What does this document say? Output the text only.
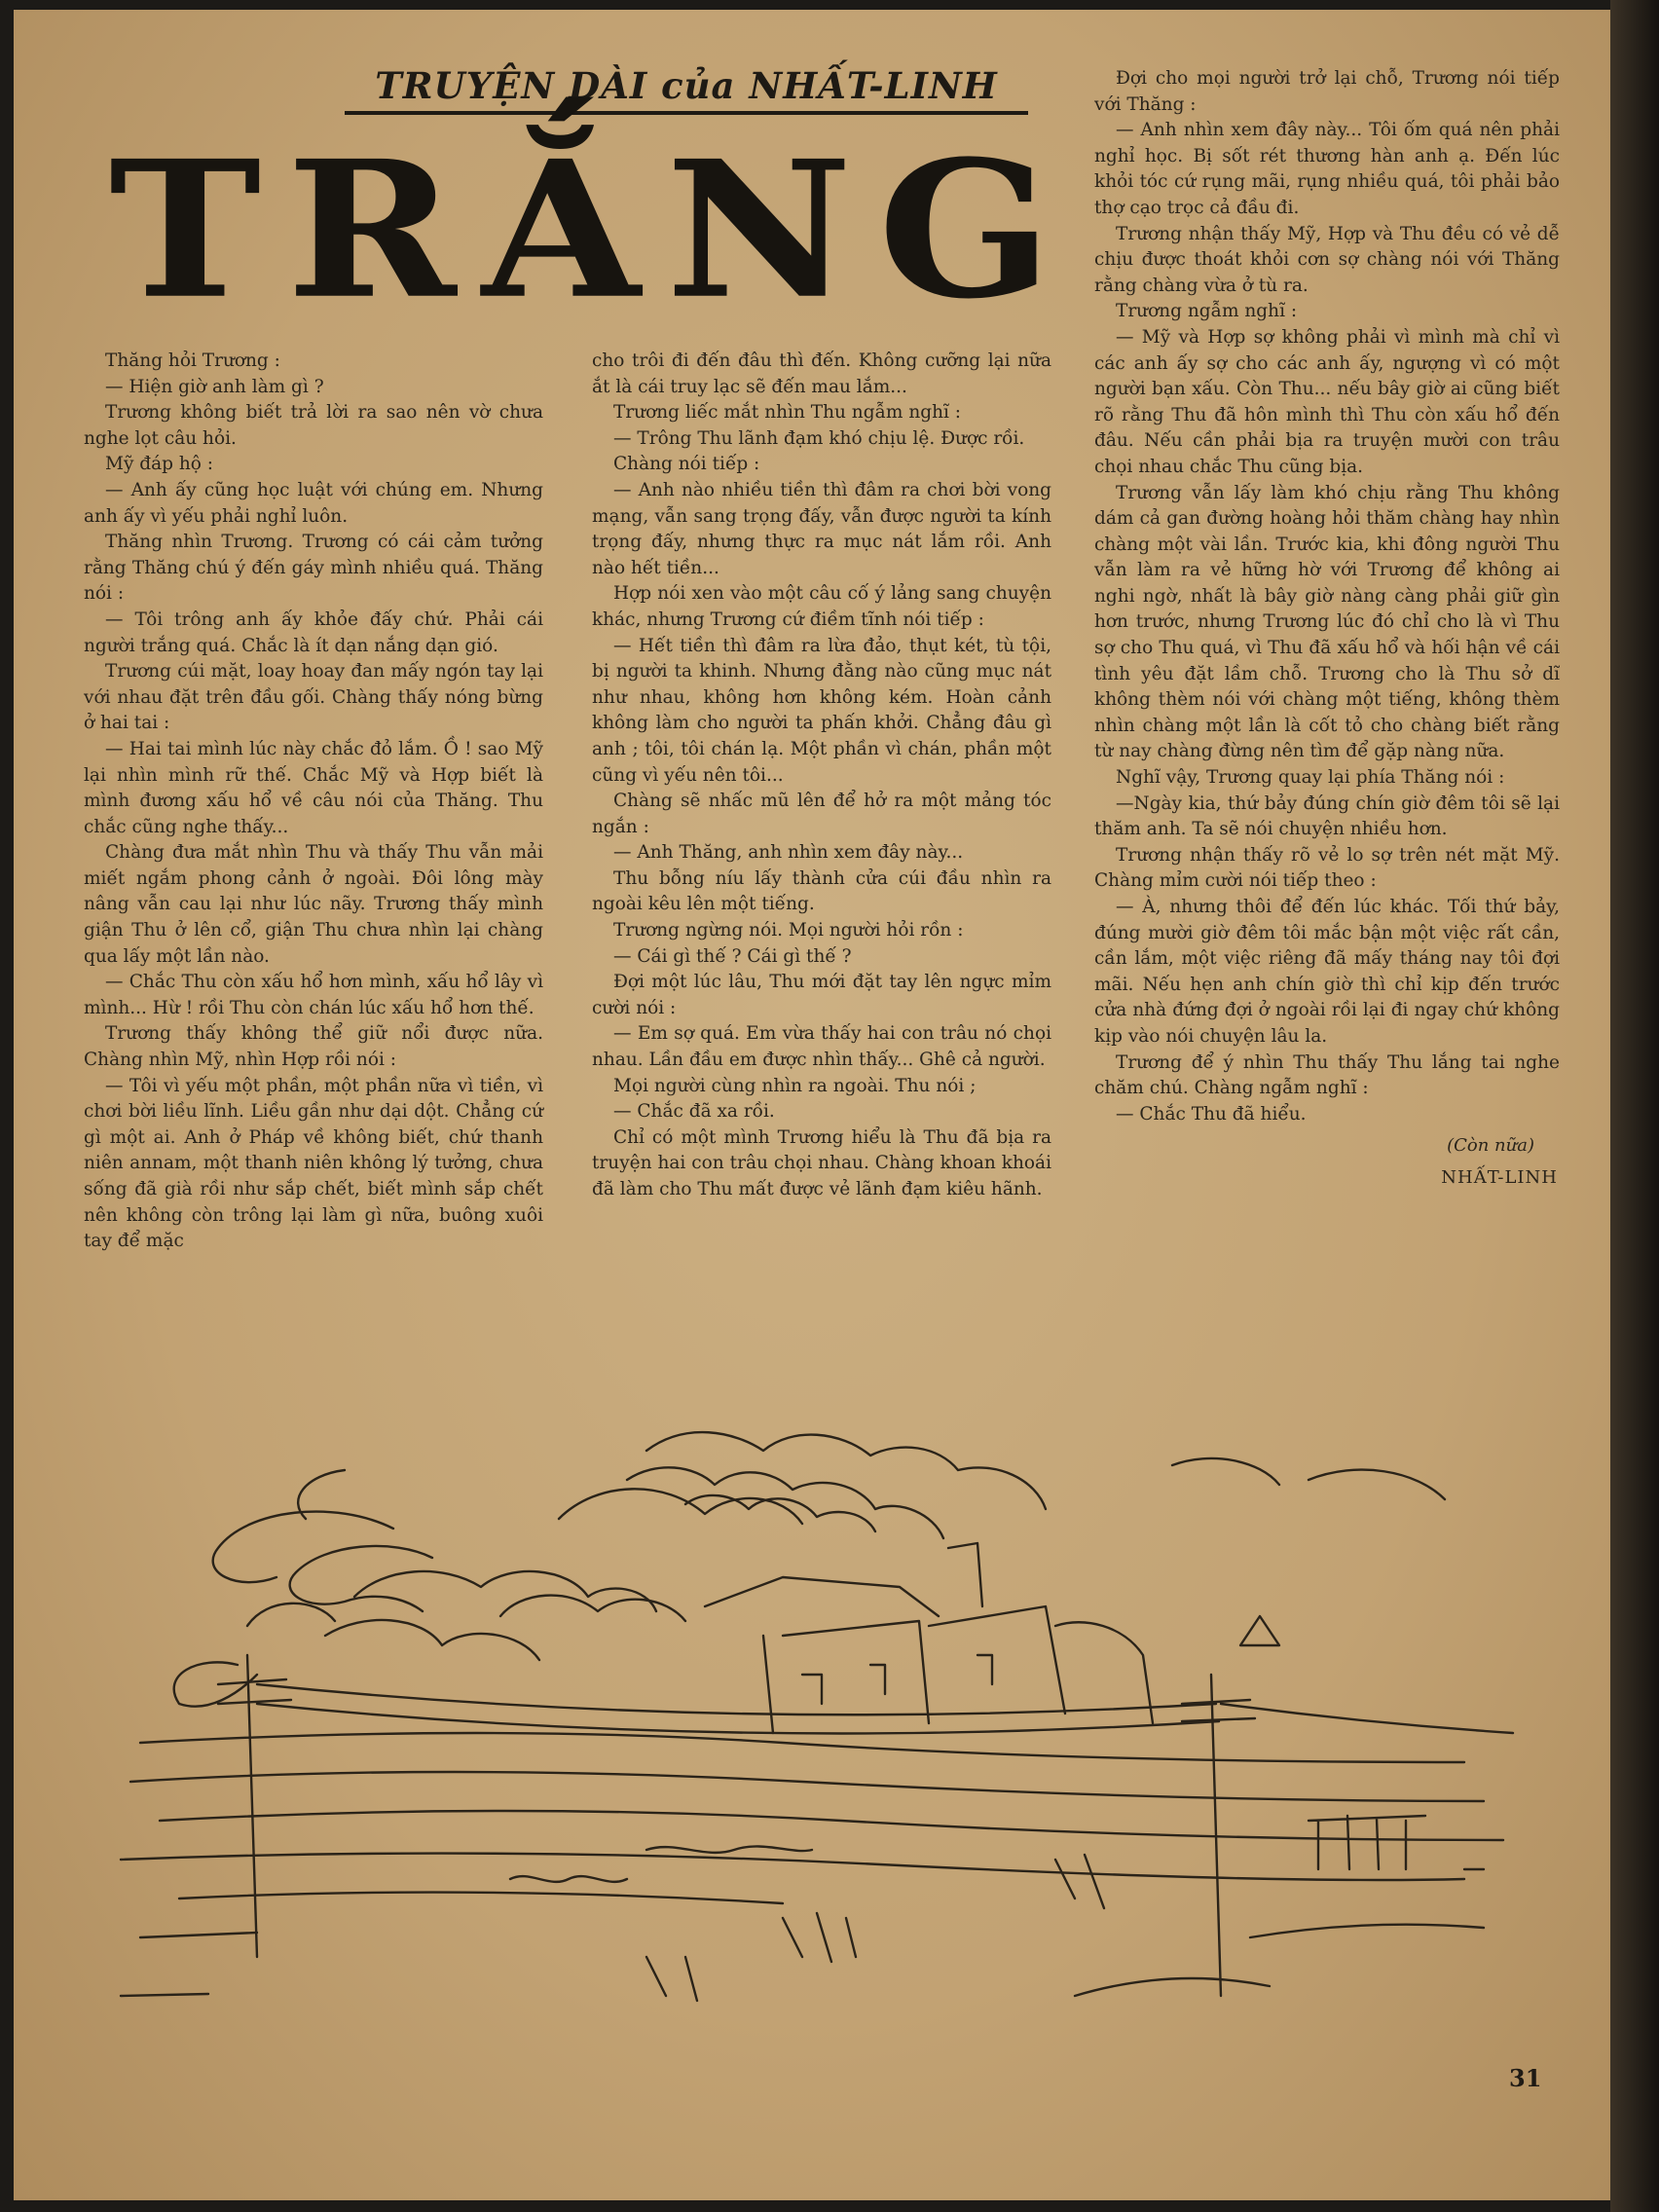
TRUYỆN DÀI của NHẤT-LINH
TRẮNG

Thăng hỏi Trương :

— Hiện giờ anh làm gì ?

Trương không biết trả lời ra sao nên vờ chưa nghe lọt câu hỏi.

Mỹ đáp hộ :

— Anh ấy cũng học luật với chúng em. Nhưng anh ấy vì yếu phải nghỉ luôn.

Thăng nhìn Trương. Trương có cái cảm tưởng rằng Thăng chú ý đến gáy mình nhiều quá. Thăng nói :

— Tôi trông anh ấy khỏe đấy chứ. Phải cái người trắng quá. Chắc là ít dạn nắng dạn gió.

Trương cúi mặt, loay hoay đan mấy ngón tay lại với nhau đặt trên đầu gối. Chàng thấy nóng bừng ở hai tai :

— Hai tai mình lúc này chắc đỏ lắm. Ồ ! sao Mỹ lại nhìn mình rữ thế. Chắc Mỹ và Hợp biết là mình đương xấu hổ về câu nói của Thăng. Thu chắc cũng nghe thấy...

Chàng đưa mắt nhìn Thu và thấy Thu vẫn mải miết ngắm phong cảnh ở ngoài. Đôi lông mày nâng vẫn cau lại như lúc nãy. Trương thấy mình giận Thu ở lên cổ, giận Thu chưa nhìn lại chàng qua lấy một lần nào.

— Chắc Thu còn xấu hổ hơn mình, xấu hổ lây vì mình... Hừ ! rồi Thu còn chán lúc xấu hổ hơn thế.

Trương thấy không thể giữ nổi được nữa. Chàng nhìn Mỹ, nhìn Hợp rồi nói :

— Tôi vì yếu một phần, một phần nữa vì tiền, vì chơi bời liều lĩnh. Liều gần như dại dột. Chẳng cứ gì một ai. Anh ở Pháp về không biết, chứ thanh niên annam, một thanh niên không lý tưởng, chưa sống đã già rồi như sắp chết, biết mình sắp chết nên không còn trông lại làm gì nữa, buông xuôi tay để mặc

cho trôi đi đến đâu thì đến. Không cưỡng lại nữa ắt là cái truy lạc sẽ đến mau lắm...

Trương liếc mắt nhìn Thu ngẫm nghĩ :

— Trông Thu lãnh đạm khó chịu lệ. Được rồi.

Chàng nói tiếp :

— Anh nào nhiều tiền thì đâm ra chơi bời vong mạng, vẫn sang trọng đấy, vẫn được người ta kính trọng đấy, nhưng thực ra mục nát lắm rồi. Anh nào hết tiền...

Hợp nói xen vào một câu cố ý lảng sang chuyện khác, nhưng Trương cứ điềm tĩnh nói tiếp :

— Hết tiền thì đâm ra lừa đảo, thụt két, tù tội, bị người ta khinh. Nhưng đằng nào cũng mục nát như nhau, không hơn không kém. Hoàn cảnh không làm cho người ta phấn khởi. Chẳng đâu gì anh ; tôi, tôi chán lạ. Một phần vì chán, phần một cũng vì yếu nên tôi...

Chàng sẽ nhấc mũ lên để hở ra một mảng tóc ngắn :

— Anh Thăng, anh nhìn xem đây này...

Thu bỗng níu lấy thành cửa cúi đầu nhìn ra ngoài kêu lên một tiếng.

Trương ngừng nói. Mọi người hỏi rồn :

— Cái gì thế ? Cái gì thế ?

Đợi một lúc lâu, Thu mới đặt tay lên ngực mỉm cười nói :

— Em sợ quá. Em vừa thấy hai con trâu nó chọi nhau. Lần đầu em được nhìn thấy... Ghê cả người.

Mọi người cùng nhìn ra ngoài. Thu nói ;

— Chắc đã xa rồi.

Chỉ có một mình Trương hiểu là Thu đã bịa ra truyện hai con trâu chọi nhau. Chàng khoan khoái đã làm cho Thu mất được vẻ lãnh đạm kiêu hãnh.

Đợi cho mọi người trở lại chỗ, Trương nói tiếp với Thăng :

— Anh nhìn xem đây này... Tôi ốm quá nên phải nghỉ học. Bị sốt rét thương hàn anh ạ. Đến lúc khỏi tóc cứ rụng mãi, rụng nhiều quá, tôi phải bảo thợ cạo trọc cả đầu đi.

Trương nhận thấy Mỹ, Hợp và Thu đều có vẻ dễ chịu được thoát khỏi cơn sợ chàng nói với Thăng rằng chàng vừa ở tù ra.

Trương ngẫm nghĩ :

— Mỹ và Hợp sợ không phải vì mình mà chỉ vì các anh ấy sợ cho các anh ấy, ngượng vì có một người bạn xấu. Còn Thu... nếu bây giờ ai cũng biết rõ rằng Thu đã hôn mình thì Thu còn xấu hổ đến đâu. Nếu cần phải bịa ra truyện mười con trâu chọi nhau chắc Thu cũng bịa.

Trương vẫn lấy làm khó chịu rằng Thu không dám cả gan đường hoàng hỏi thăm chàng hay nhìn chàng một vài lần. Trước kia, khi đông người Thu vẫn làm ra vẻ hững hờ với Trương để không ai nghi ngờ, nhất là bây giờ nàng càng phải giữ gìn hơn trước, nhưng Trương lúc đó chỉ cho là vì Thu sợ cho Thu quá, vì Thu đã xấu hổ và hối hận về cái tình yêu đặt lầm chỗ. Trương cho là Thu sở dĩ không thèm nói với chàng một tiếng, không thèm nhìn chàng một lần là cốt tỏ cho chàng biết rằng từ nay chàng đừng nên tìm để gặp nàng nữa.

Nghĩ vậy, Trương quay lại phía Thăng nói :

—Ngày kia, thứ bảy đúng chín giờ đêm tôi sẽ lại thăm anh. Ta sẽ nói chuyện nhiều hơn.

Trương nhận thấy rõ vẻ lo sợ trên nét mặt Mỹ. Chàng mỉm cười nói tiếp theo :

— À, nhưng thôi để đến lúc khác. Tối thứ bảy, đúng mười giờ đêm tôi mắc bận một việc rất cần, cần lắm, một việc riêng đã mấy tháng nay tôi đợi mãi. Nếu hẹn anh chín giờ thì chỉ kịp đến trước cửa nhà đứng đợi ở ngoài rồi lại đi ngay chứ không kịp vào nói chuyện lâu la.

Trương để ý nhìn Thu thấy Thu lắng tai nghe chăm chú. Chàng ngẫm nghĩ :

— Chắc Thu đã hiểu.

(Còn nữa)
NHẤT-LINH
31
